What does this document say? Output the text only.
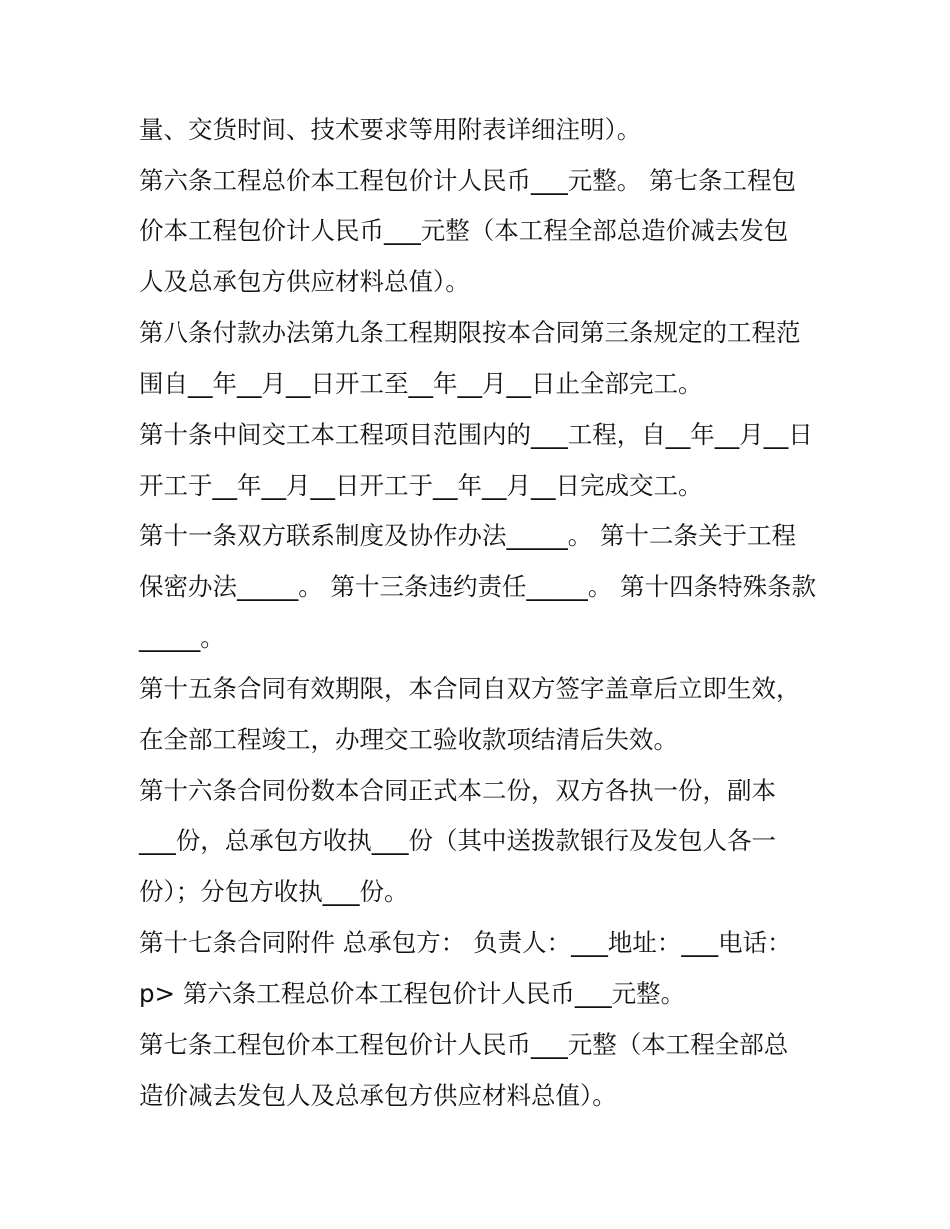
量、交货时间、技术要求等用附表详细注明）。

第六条工程总价本工程包价计人民币___元整。 第七条工程包

价本工程包价计人民币___元整（本工程全部总造价减去发包

人及总承包方供应材料总值）。

第八条付款办法第九条工程期限按本合同第三条规定的工程范

围自__年__月__日开工至__年__月__日止全部完工。

第十条中间交工本工程项目范围内的___工程，自__年__月__日

开工于__年__月__日开工于__年__月__日完成交工。

第十一条双方联系制度及协作办法_____。 第十二条关于工程

保密办法_____。 第十三条违约责任_____。 第十四条特殊条款

_____。

第十五条合同有效期限，本合同自双方签字盖章后立即生效，

在全部工程竣工，办理交工验收款项结清后失效。

第十六条合同份数本合同正式本二份，双方各执一份，副本

___份，总承包方收执___份（其中送拨款银行及发包人各一

份）；分包方收执___份。

第十七条合同附件 总承包方： 负责人：___地址：___电话：

p> 第六条工程总价本工程包价计人民币___元整。

第七条工程包价本工程包价计人民币___元整（本工程全部总

造价减去发包人及总承包方供应材料总值）。
